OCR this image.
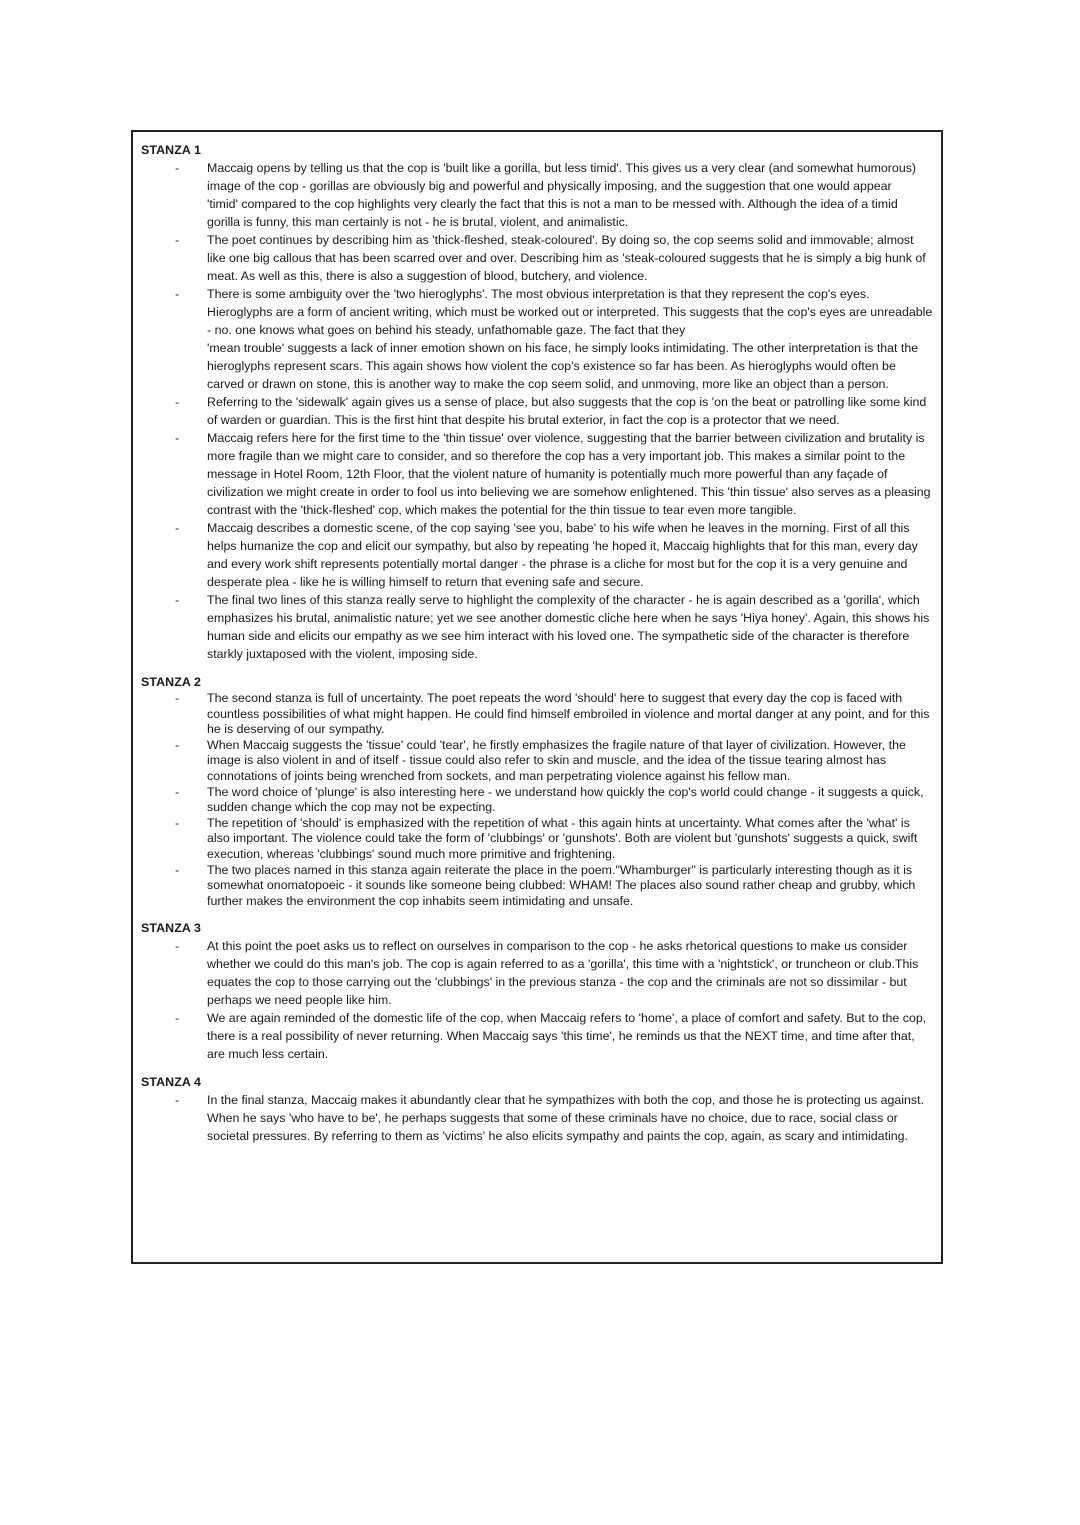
STANZA 1
- Maccaig opens by telling us that the cop is 'built like a gorilla, but less timid'. This gives us a very clear (and somewhat humorous) image of the cop - gorillas are obviously big and powerful and physically imposing, and the suggestion that one would appear

'timid' compared to the cop highlights very clearly the fact that this is not a man to be messed with. Although the idea of a timid gorilla is funny, this man certainly is not - he is brutal, violent, and animalistic.

- The poet continues by describing him as 'thick-fleshed, steak-coloured'. By doing so, the cop seems solid and immovable; almost like one big callous that has been scarred over and over. Describing him as 'steak-coloured suggests that he is simply a big hunk of meat. As well as this, there is also a suggestion of blood, butchery, and violence.

- There is some ambiguity over the 'two hieroglyphs'. The most obvious interpretation is that they represent the cop's eyes. Hieroglyphs are a form of ancient writing, which must be worked out or interpreted. This suggests that the cop's eyes are unreadable - no. one knows what goes on behind his steady, unfathomable gaze. The fact that they

'mean trouble' suggests a lack of inner emotion shown on his face, he simply looks intimidating. The other interpretation is that the hieroglyphs represent scars. This again shows how violent the cop's existence so far has been. As hieroglyphs would often be carved or drawn on stone, this is another way to make the cop seem solid, and unmoving, more like an object than a person.

- Referring to the 'sidewalk' again gives us a sense of place, but also suggests that the cop is 'on the beat or patrolling like some kind of warden or guardian. This is the first hint that despite his brutal exterior, in fact the cop is a protector that we need.

- Maccaig refers here for the first time to the 'thin tissue' over violence, suggesting that the barrier between civilization and brutality is more fragile than we might care to consider, and so therefore the cop has a very important job. This makes a similar point to the message in Hotel Room, 12th Floor, that the violent nature of humanity is potentially much more powerful than any façade of civilization we might create in order to fool us into believing we are somehow enlightened. This 'thin tissue' also serves as a pleasing contrast with the 'thick-fleshed' cop, which makes the potential for the thin tissue to tear even more tangible.

- Maccaig describes a domestic scene, of the cop saying 'see you, babe' to his wife when he leaves in the morning. First of all this helps humanize the cop and elicit our sympathy, but also by repeating 'he hoped it, Maccaig highlights that for this man, every day and every work shift represents potentially mortal danger - the phrase is a cliche for most but for the cop it is a very genuine and desperate plea - like he is willing himself to return that evening safe and secure.

- The final two lines of this stanza really serve to highlight the complexity of the character - he is again described as a 'gorilla', which emphasizes his brutal, animalistic nature; yet we see another domestic cliche here when he says 'Hiya honey'. Again, this shows his human side and elicits our empathy as we see him interact with his loved one. The sympathetic side of the character is therefore starkly juxtaposed with the violent, imposing side.

STANZA 2
- The second stanza is full of uncertainty. The poet repeats the word 'should' here to suggest that every day the cop is faced with countless possibilities of what might happen. He could find himself embroiled in violence and mortal danger at any point, and for this he is deserving of our sympathy.

- When Maccaig suggests the 'tissue' could 'tear', he firstly emphasizes the fragile nature of that layer of civilization. However, the image is also violent in and of itself - tissue could also refer to skin and muscle, and the idea of the tissue tearing almost has connotations of joints being wrenched from sockets, and man perpetrating violence against his fellow man.

- The word choice of 'plunge' is also interesting here - we understand how quickly the cop's world could change - it suggests a quick, sudden change which the cop may not be expecting.

- The repetition of 'should' is emphasized with the repetition of what - this again hints at uncertainty. What comes after the 'what' is also important. The violence could take the form of 'clubbings' or 'gunshots'. Both are violent but 'gunshots' suggests a quick, swift execution, whereas 'clubbings' sound much more primitive and frightening.

- The two places named in this stanza again reiterate the place in the poem."Whamburger" is particularly interesting though as it is somewhat onomatopoeic - it sounds like someone being clubbed: WHAM! The places also sound rather cheap and grubby, which further makes the environment the cop inhabits seem intimidating and unsafe.

STANZA 3
- At this point the poet asks us to reflect on ourselves in comparison to the cop - he asks rhetorical questions to make us consider whether we could do this man's job. The cop is again referred to as a 'gorilla', this time with a 'nightstick', or truncheon or club.This equates the cop to those carrying out the 'clubbings' in the previous stanza - the cop and the criminals are not so dissimilar - but perhaps we need people like him.

- We are again reminded of the domestic life of the cop, when Maccaig refers to 'home', a place of comfort and safety. But to the cop, there is a real possibility of never returning. When Maccaig says 'this time', he reminds us that the NEXT time, and time after that, are much less certain.

STANZA 4
- In the final stanza, Maccaig makes it abundantly clear that he sympathizes with both the cop, and those he is protecting us against. When he says 'who have to be', he perhaps suggests that some of these criminals have no choice, due to race, social class or societal pressures. By referring to them as 'victims' he also elicits sympathy and paints the cop, again, as scary and intimidating.
